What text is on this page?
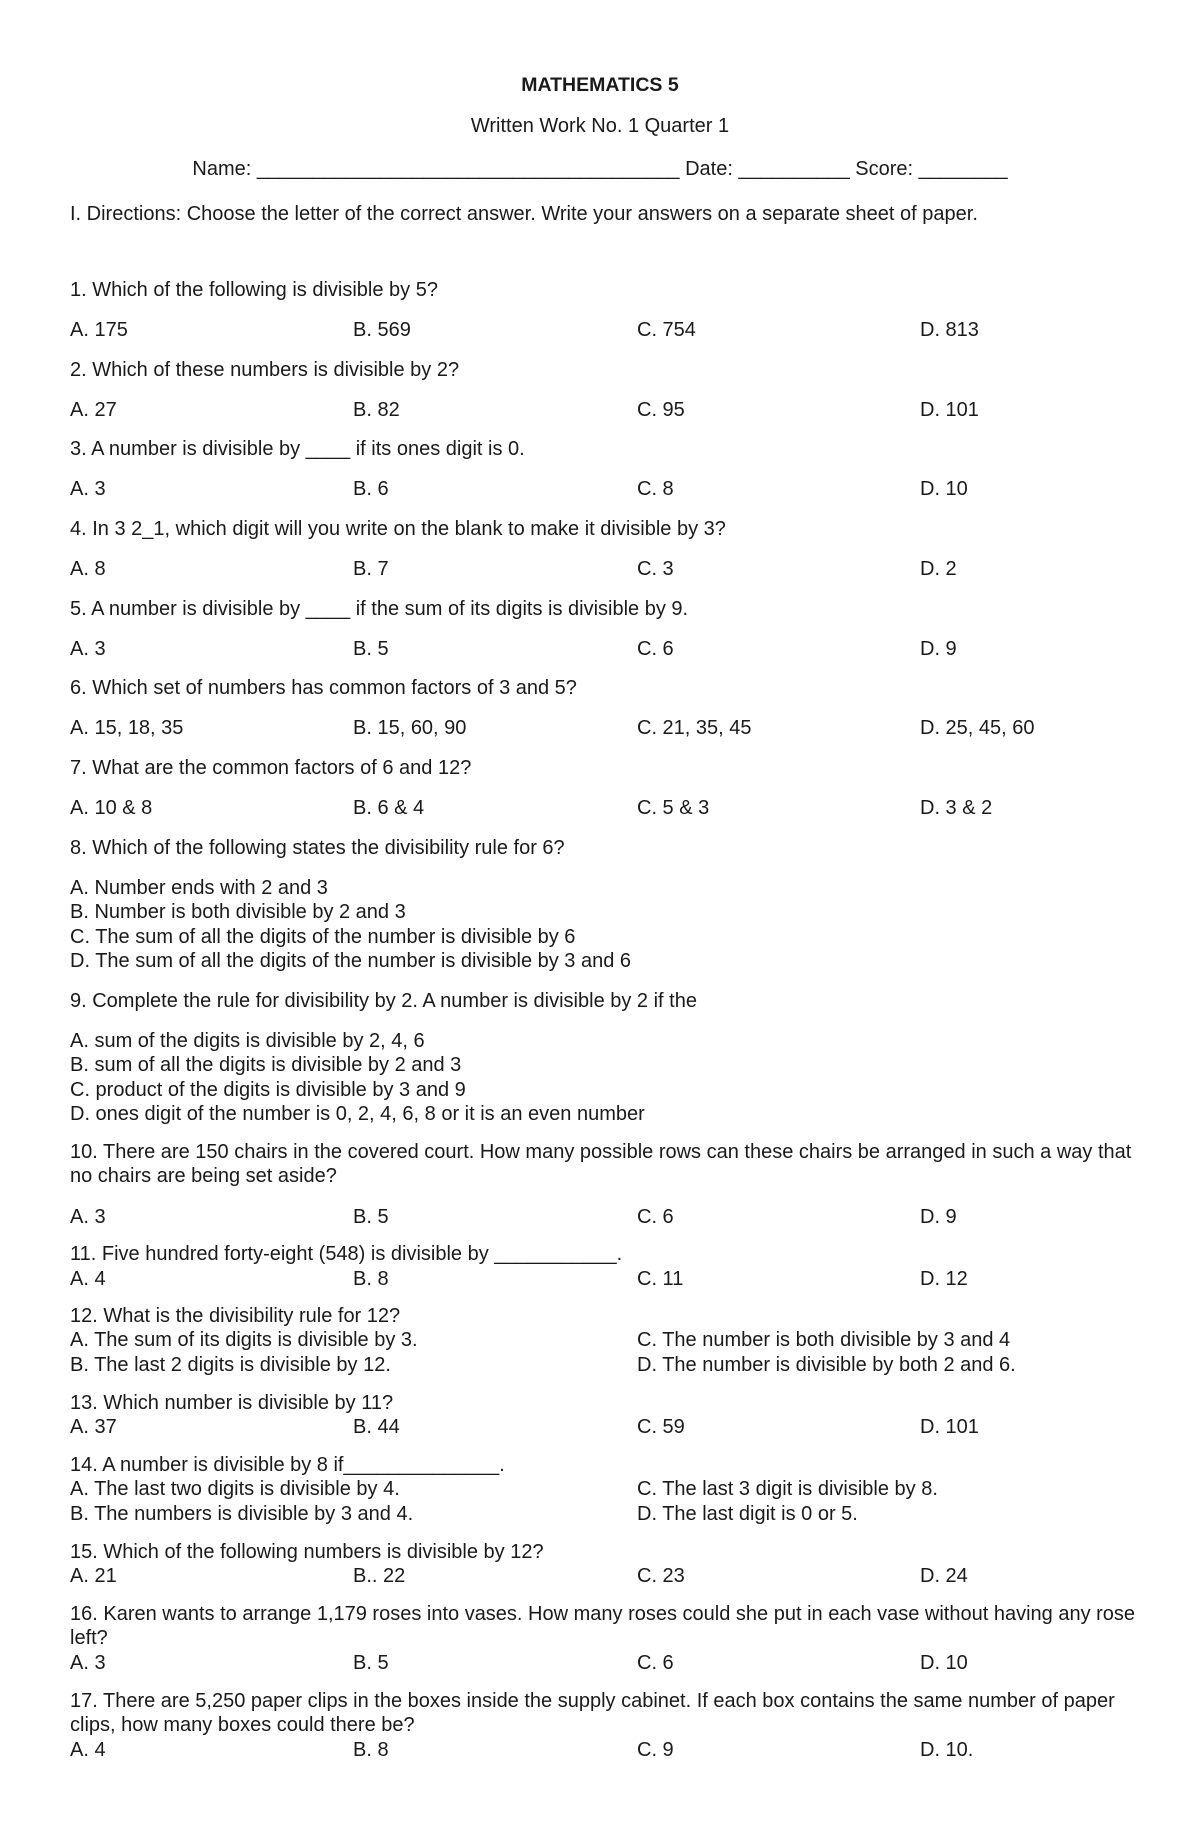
MATHEMATICS 5
Written Work No. 1 Quarter 1
Name: ______________________________________ Date: __________ Score: ________
I. Directions: Choose the letter of the correct answer. Write your answers on a separate sheet of paper.
1. Which of the following is divisible by 5?
A. 175	B. 569	C. 754	D. 813
2. Which of these numbers is divisible by 2?
A. 27	B. 82	C. 95	D. 101
3. A number is divisible by ____ if its ones digit is 0.
A. 3	B. 6	C. 8	D. 10
4. In 3 2_1, which digit will you write on the blank to make it divisible by 3?
A. 8	B. 7	C. 3	D. 2
5. A number is divisible by ____ if the sum of its digits is divisible by 9.
A. 3	B. 5	C. 6	D. 9
6. Which set of numbers has common factors of 3 and 5?
A. 15, 18, 35	B. 15, 60, 90	C. 21, 35, 45	D. 25, 45, 60
7. What are the common factors of 6 and 12?
A. 10 & 8	B. 6 & 4	C. 5 & 3	D. 3 & 2
8. Which of the following states the divisibility rule for 6?
A. Number ends with 2 and 3
B. Number is both divisible by 2 and 3
C. The sum of all the digits of the number is divisible by 6
D. The sum of all the digits of the number is divisible by 3 and 6
9. Complete the rule for divisibility by 2. A number is divisible by 2 if the
A. sum of the digits is divisible by 2, 4, 6
B. sum of all the digits is divisible by 2 and 3
C. product of the digits is divisible by 3 and 9
D. ones digit of the number is 0, 2, 4, 6, 8 or it is an even number
10. There are 150 chairs in the covered court. How many possible rows can these chairs be arranged in such a way that no chairs are being set aside?
A. 3	B. 5	C. 6	D. 9
11. Five hundred forty-eight (548) is divisible by ___________.
A. 4	B. 8	C. 11	D. 12
12. What is the divisibility rule for 12?
A. The sum of its digits is divisible by 3.
B. The last 2 digits is divisible by 12.
C. The number is both divisible by 3 and 4
D. The number is divisible by both 2 and 6.
13. Which number is divisible by 11?
A. 37	B. 44	C. 59	D. 101
14. A number is divisible by 8 if______________.
A. The last two digits is divisible by 4.
B. The numbers is divisible by 3 and 4.
C. The last 3 digit is divisible by 8.
D. The last digit is 0 or 5.
15. Which of the following numbers is divisible by 12?
A. 21	B.. 22	C. 23	D. 24
16. Karen wants to arrange 1,179 roses into vases. How many roses could she put in each vase without having any rose left?
A. 3	B. 5	C. 6	D. 10
17. There are 5,250 paper clips in the boxes inside the supply cabinet. If each box contains the same number of paper clips, how many boxes could there be?
A. 4	B. 8	C. 9	D. 10.
